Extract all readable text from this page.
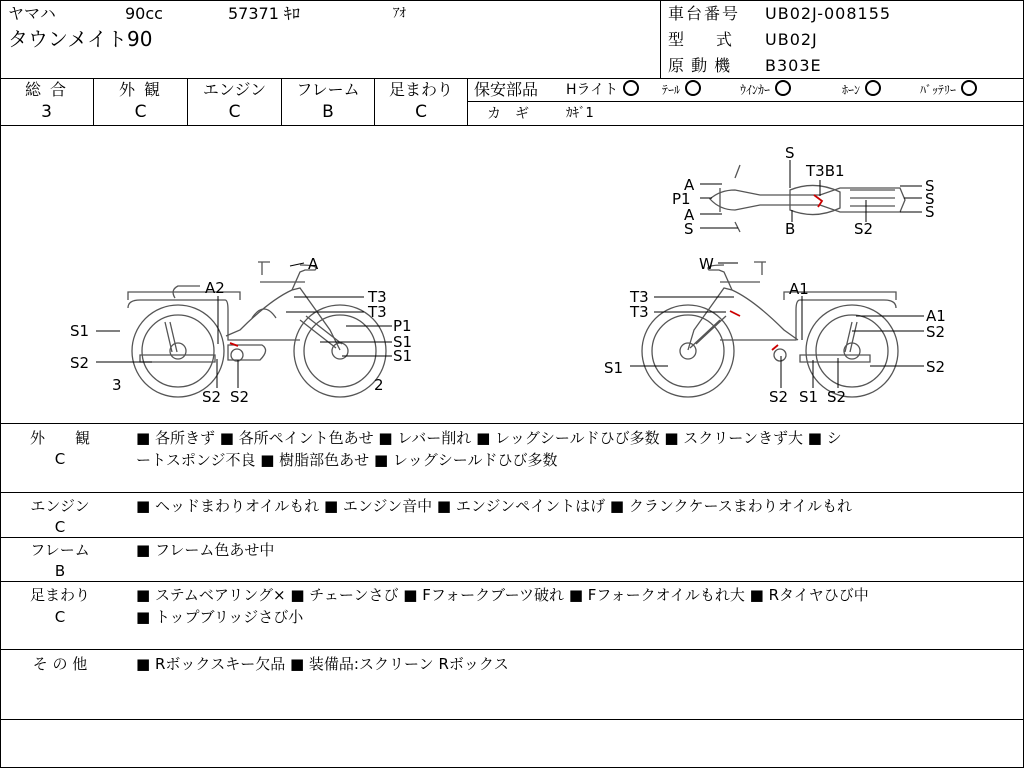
ヤマハ	90cc	57371 ｷﾛ	ｱｵ
タウンメイト90
車台番号 UB02J-008155
型　　式 UB02J
原 動 機 B303E
総 合	外 観	エンジン	フレーム	足まわり
3	C	C	B	C
保安部品 Hライト	ﾃｰﾙ	ｳｲﾝｶｰ	ﾎｰﾝ	ﾊﾞｯﾃﾘｰ
カ　ギ	ｶｷﾞ1
S
T3B1
A
P1
A
S	B
S
S
S
S2
A
A2	T3
T3
S1	P1
S1
S1
S2
3	2
S2 S2
W
A1
T3
T3	A1
S2
S1	S2
S2 S1 S2
外　　観
C
■ 各所きず ■ 各所ペイント色あせ ■ レバー削れ ■ レッグシールドひび多数 ■ スクリーンきず大 ■ シ
ートスポンジ不良 ■ 樹脂部色あせ ■ レッグシールドひび多数
エンジン
C
■ ヘッドまわりオイルもれ ■ エンジン音中 ■ エンジンペイントはげ ■ クランクケースまわりオイルもれ
フレーム
B
■ フレーム色あせ中
足まわり
C
■ ステムベアリング× ■ チェーンさび ■ Fフォークブーツ破れ ■ Fフォークオイルもれ大 ■ Rタイヤひび中
■ トップブリッジさび小
そ の 他	■ Rボックスキー欠品 ■ 装備品:スクリーン Rボックス
